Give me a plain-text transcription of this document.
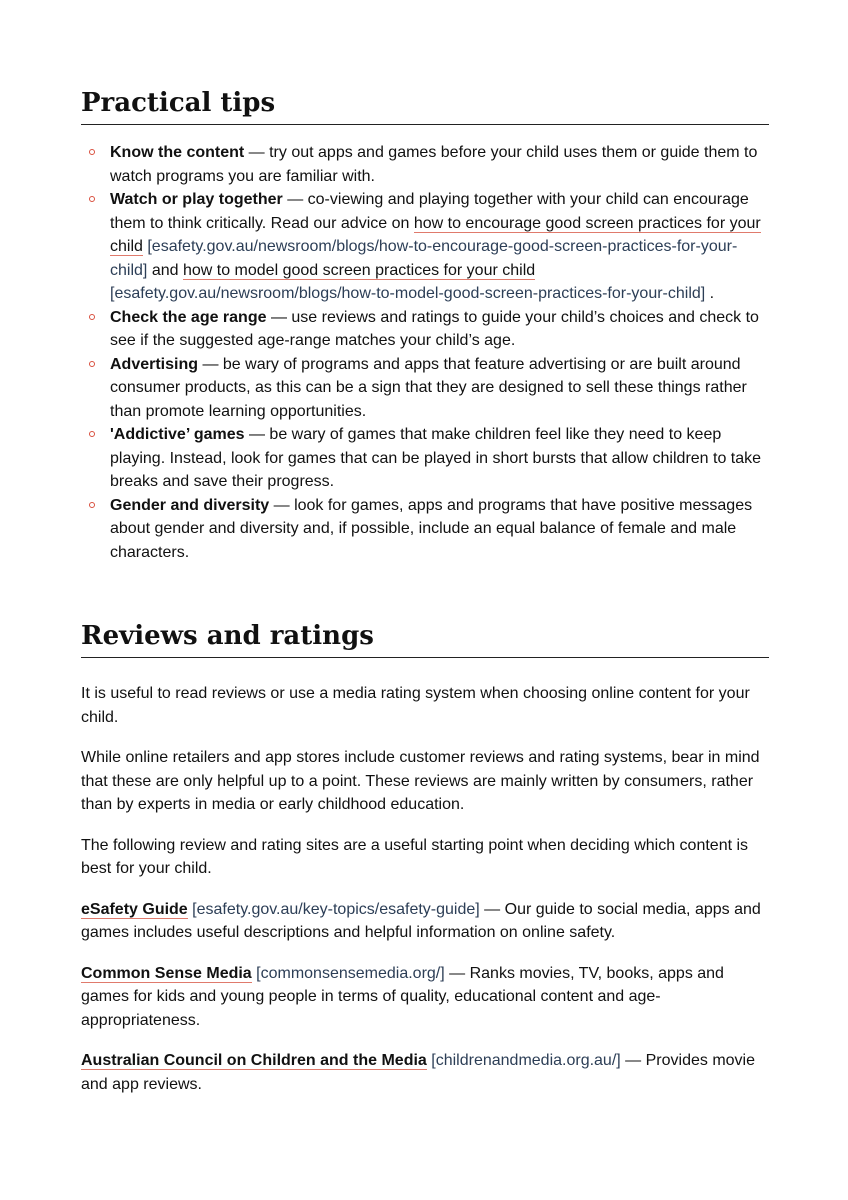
Practical tips
Know the content — try out apps and games before your child uses them or guide them to watch programs you are familiar with.
Watch or play together — co-viewing and playing together with your child can encourage them to think critically. Read our advice on how to encourage good screen practices for your child [esafety.gov.au/newsroom/blogs/how-to-encourage-good-screen-practices-for-your-child] and how to model good screen practices for your child [esafety.gov.au/newsroom/blogs/how-to-model-good-screen-practices-for-your-child] .
Check the age range — use reviews and ratings to guide your child’s choices and check to see if the suggested age-range matches your child’s age.
Advertising — be wary of programs and apps that feature advertising or are built around consumer products, as this can be a sign that they are designed to sell these things rather than promote learning opportunities.
'Addictive’ games — be wary of games that make children feel like they need to keep playing. Instead, look for games that can be played in short bursts that allow children to take breaks and save their progress.
Gender and diversity — look for games, apps and programs that have positive messages about gender and diversity and, if possible, include an equal balance of female and male characters.
Reviews and ratings

It is useful to read reviews or use a media rating system when choosing online content for your child.

While online retailers and app stores include customer reviews and rating systems, bear in mind that these are only helpful up to a point. These reviews are mainly written by consumers, rather than by experts in media or early childhood education.

The following review and rating sites are a useful starting point when deciding which content is best for your child.

eSafety Guide [esafety.gov.au/key-topics/esafety-guide] — Our guide to social media, apps and games includes useful descriptions and helpful information on online safety.

Common Sense Media [commonsensemedia.org/] — Ranks movies, TV, books, apps and games for kids and young people in terms of quality, educational content and age-appropriateness.

Australian Council on Children and the Media [childrenandmedia.org.au/] — Provides movie and app reviews.
